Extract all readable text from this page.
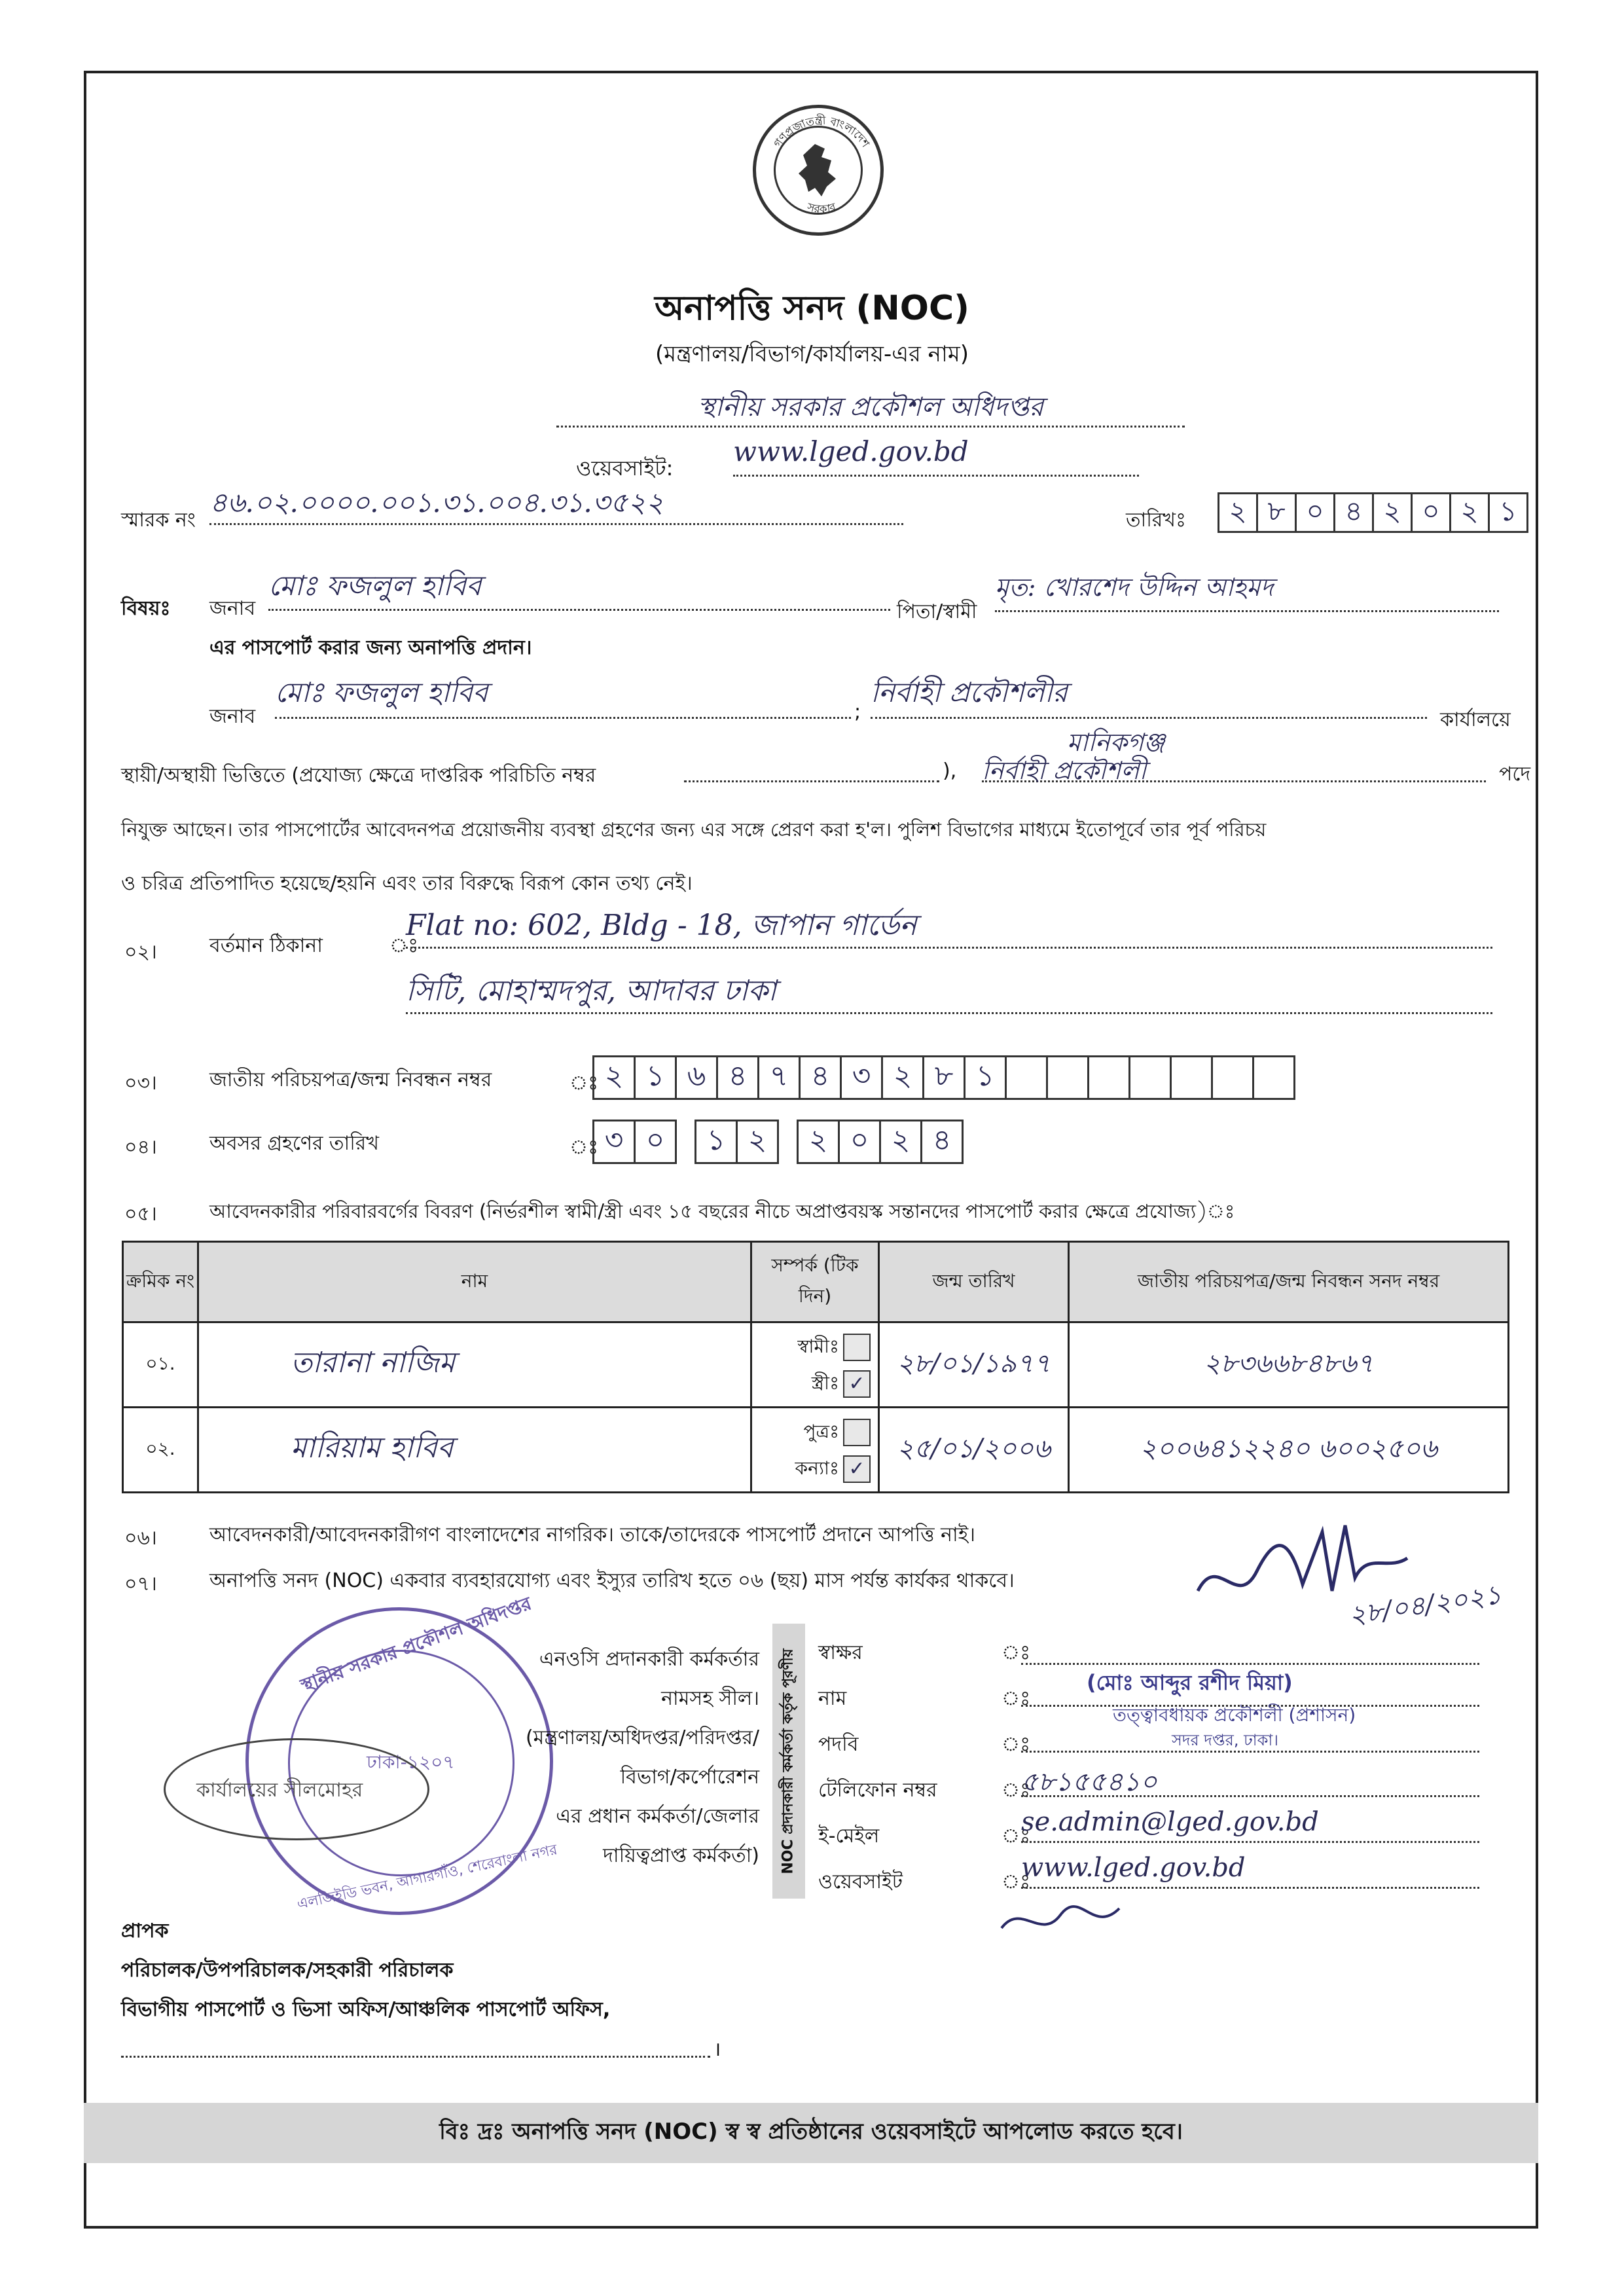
গণপ্রজাতন্ত্রী বাংলাদেশ
সরকার
অনাপত্তি সনদ (NOC)
(মন্ত্রণালয়/বিভাগ/কার্যালয়-এর নাম)
স্থানীয় সরকার প্রকৌশল অধিদপ্তর
ওয়েবসাইট:
www.lged.gov.bd
স্মারক নং
৪৬.০২.০০০০.০০১.৩১.০০৪.৩১.৩৫২২
তারিখঃ	২ ৮ ০ ৪ ২ ০ ২ ১
বিষয়ঃ জনাব
মোঃ ফজলুল হাবিব
পিতা/স্বামী
মৃত: খোরশেদ উদ্দিন আহমদ
এর পাসপোর্ট করার জন্য অনাপত্তি প্রদান।
জনাব
মোঃ ফজলুল হাবিব
;
নির্বাহী প্রকৌশলীর
কার্যালয়ে
মানিকগঞ্জ
স্থায়ী/অস্থায়ী ভিত্তিতে (প্রযোজ্য ক্ষেত্রে দাপ্তরিক পরিচিতি নম্বর	), নির্বাহী প্রকৌশলী	পদে
নিযুক্ত আছেন। তার পাসপোর্টের আবেদনপত্র প্রয়োজনীয় ব্যবস্থা গ্রহণের জন্য এর সঙ্গে প্রেরণ করা হ'ল। পুলিশ বিভাগের মাধ্যমে ইতোপূর্বে তার পূর্ব পরিচয়
ও চরিত্র প্রতিপাদিত হয়েছে/হয়নি এবং তার বিরুদ্ধে বিরূপ কোন তথ্য নেই।
০২।	বর্তমান ঠিকানা	ঃ
Flat no: 602, Bldg - 18, জাপান গার্ডেন
সিটি, মোহাম্মদপুর, আদাবর ঢাকা
০৩।	জাতীয় পরিচয়পত্র/জন্ম নিবন্ধন নম্বর	ঃ ২ ১ ৬ ৪ ৭ ৪ ৩ ২ ৮ ১
০৪।	অবসর গ্রহণের তারিখ	ঃ ৩ ০	১ ২	২ ০ ২ ৪
০৫।	আবেদনকারীর পরিবারবর্গের বিবরণ (নির্ভরশীল স্বামী/স্ত্রী এবং ১৫ বছরের নীচে অপ্রাপ্তবয়স্ক সন্তানদের পাসপোর্ট করার ক্ষেত্রে প্রযোজ্য)ঃ
ক্রমিক নং	নাম	সম্পর্ক (টিক দিন)	জন্ম তারিখ	জাতীয় পরিচয়পত্র/জন্ম নিবন্ধন সনদ নম্বর
০১.	তারানা নাজিম	স্বামীঃ
স্ত্রীঃ ✓	২৮/০১/১৯৭৭	২৮৩৬৬৮৪৮৬৭
০২.	মারিয়াম হাবিব	পুত্রঃ
কন্যাঃ ✓	২৫/০১/২০০৬	২০০৬৪১২২৪০ ৬০০২৫০৬
০৬।	আবেদনকারী/আবেদনকারীগণ বাংলাদেশের নাগরিক। তাকে/তাদেরকে পাসপোর্ট প্রদানে আপত্তি নাই।
০৭।	অনাপত্তি সনদ (NOC) একবার ব্যবহারযোগ্য এবং ইস্যুর তারিখ হতে ০৬ (ছয়) মাস পর্যন্ত কার্যকর থাকবে।	২৮/০৪/২০২১
স্থানীয় সরকার প্রকৌশল অধিদপ্তর
ঢাকা-১২০৭
এলজিইডি ভবন, আগারগাঁও, শেরেবাংলা নগর
কার্যালয়ের সীলমোহর
এনওসি প্রদানকারী কর্মকর্তার
নামসহ সীল।
(মন্ত্রণালয়/অধিদপ্তর/পরিদপ্তর/
বিভাগ/কর্পোরেশন
এর প্রধান কর্মকর্তা/জেলার
দায়িত্বপ্রাপ্ত কর্মকর্তা) NOC প্রদানকারী কর্মকর্তা কর্তৃক পূরণীয় স্বাক্ষর	ঃ
নাম	ঃ
(মোঃ আব্দুর রশীদ মিয়া)
পদবি	ঃ
তত্ত্বাবধায়ক প্রকৌশলী (প্রশাসন)
সদর দপ্তর, ঢাকা।
টেলিফোন নম্বর	ঃ
৫৮১৫৫৪১০
ই-মেইল	ঃ
se.admin@lged.gov.bd
ওয়েবসাইট	ঃ
www.lged.gov.bd
প্রাপক
পরিচালক/উপপরিচালক/সহকারী পরিচালক
বিভাগীয় পাসপোর্ট ও ভিসা অফিস/আঞ্চলিক পাসপোর্ট অফিস,
।
বিঃ দ্রঃ অনাপত্তি সনদ (NOC) স্ব স্ব প্রতিষ্ঠানের ওয়েবসাইটে আপলোড করতে হবে।
